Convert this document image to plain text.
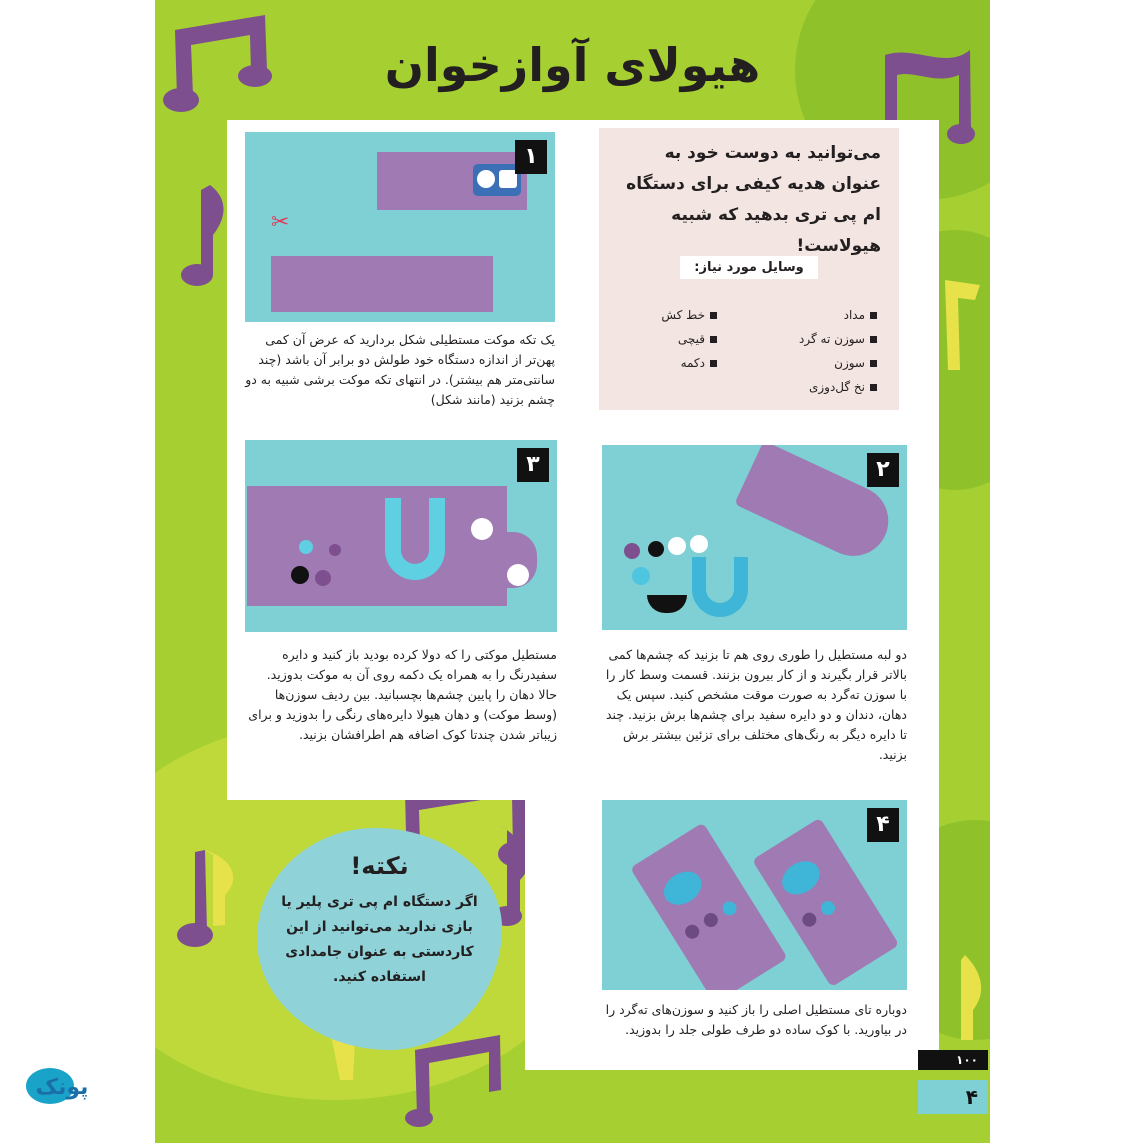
هیولای آوازخوان
می‌توانید به دوست خود به عنوان هدیه کیفی برای دستگاه ام پی تری بدهید که شبیه هیولاست!
وسایل مورد نیاز:
مداد
سوزن ته گرد
سوزن
نخ گل‌دوزی
خط کش
قیچی
دکمه
✂
۱
یک تکه موکت مستطیلی شکل بردارید که عرض آن کمی پهن‌تر از اندازه دستگاه خود طولش دو برابر آن باشد (چند سانتی‌متر هم بیشتر). در انتهای تکه موکت برشی شبیه به دو چشم بزنید (مانند شکل)
۲
دو لبه مستطیل را طوری روی هم تا بزنید که چشم‌ها کمی بالاتر قرار بگیرند و از کار بیرون بزنند. قسمت وسط کار را با سوزن ته‌گرد به صورت موقت مشخص کنید. سپس یک دهان، دندان و دو دایره سفید برای چشم‌ها برش بزنید. چند تا دایره دیگر به رنگ‌های مختلف برای تزئین بیشتر برش بزنید.
۳
مستطیل موکتی را که دولا کرده بودید باز کنید و دایره سفیدرنگ را به همراه یک دکمه روی آن به موکت بدوزید. حالا دهان را پایین چشم‌ها بچسبانید. بین ردیف سوزن‌ها (وسط موکت) و دهان هیولا دایره‌های رنگی را بدوزید و برای زیباتر شدن چندتا کوک اضافه هم اطرافشان بزنید.
۴
دوباره تای مستطیل اصلی را باز کنید و سوزن‌های ته‌گرد را در بیاورید. با کوک ساده دو طرف طولی جلد را بدوزید.
نکته!
اگر دستگاه ام پی تری پلیر یا بازی ندارید می‌توانید از این کاردستی به عنوان جامدادی استفاده کنید.
۱۰۰
۴
پونک
